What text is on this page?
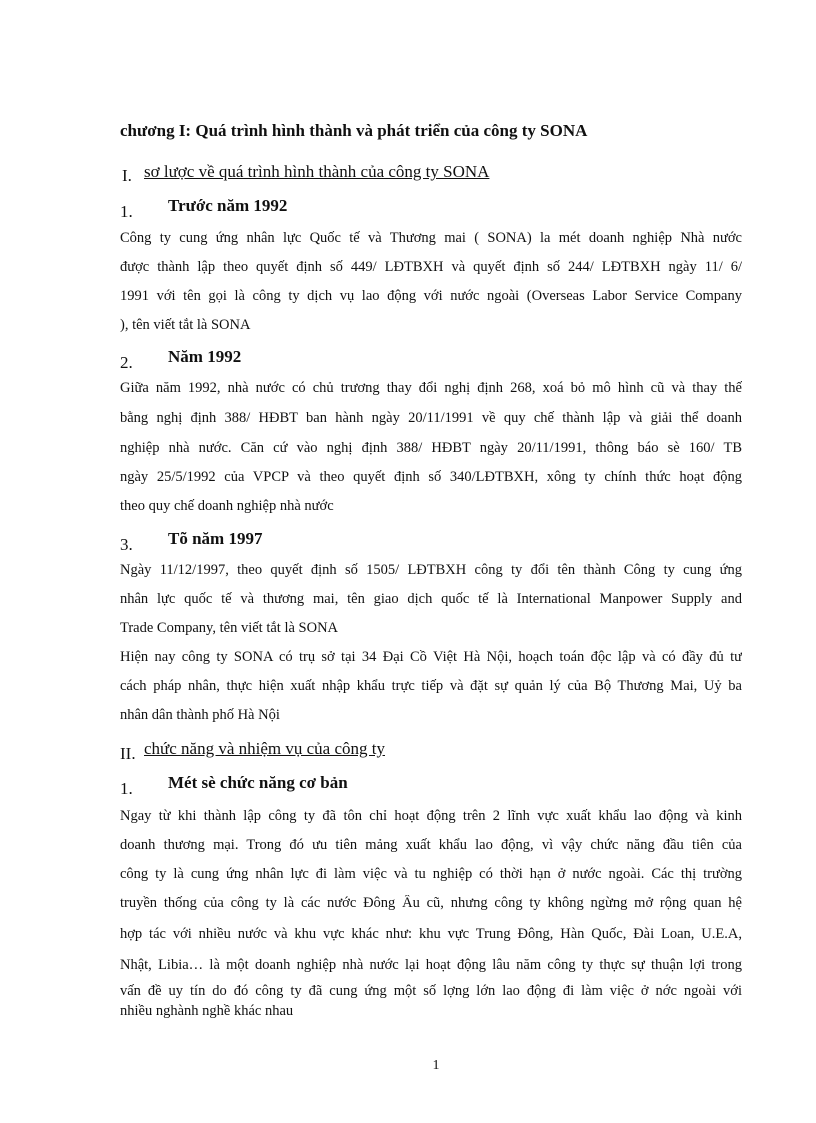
chương I: Quá trình hình thành và phát triển của công ty SONA
I. sơ lược về quá trình hình thành của công ty SONA
1. Trước năm 1992
Công ty cung ứng nhân lực Quốc tế và Thương mai ( SONA) la mét doanh nghiệp Nhà nước
được thành lập theo quyết định số 449/ LĐTBXH và quyết định số 244/ LĐTBXH ngày 11/ 6/
1991 với tên gọi là công ty dịch vụ lao động với nước ngoài (Overseas Labor Service Company
), tên viết tắt là SONA
2. Năm 1992
Giữa năm 1992, nhà nước có chủ trương thay đổi nghị định 268, xoá bỏ mô hình cũ và thay thế
bằng nghị định 388/ HĐBT ban hành ngày 20/11/1991 về quy chế thành lập và giải thể doanh
nghiệp nhà nước. Căn cứ vào nghị định 388/ HĐBT ngày 20/11/1991, thông báo sè 160/ TB
ngày 25/5/1992 của VPCP và theo quyết định số 340/LĐTBXH, xông ty chính thức hoạt động
theo quy chế doanh nghiệp nhà nước
3. Tõ năm 1997
Ngày 11/12/1997, theo quyết định số 1505/ LĐTBXH công ty đổi tên thành Công ty cung ứng
nhân lực quốc tế và thương mai, tên giao dịch quốc tế là International Manpower Supply and
Trade Company, tên viết tắt là SONA
Hiện nay công ty SONA có trụ sở tại 34 Đại Cồ Việt Hà Nội, hoạch toán độc lập và có đầy đủ tư
cách pháp nhân, thực hiện xuất nhập khẩu trực tiếp và đặt sự quản lý của Bộ Thương Mai, Uỷ ba
nhân dân thành phố Hà Nội
II. chức năng và nhiệm vụ của công ty
1. Mét sè chức năng cơ bản
Ngay từ khi thành lập công ty đã tôn chỉ hoạt động trên 2 lĩnh vực xuất khẩu lao động và kinh
doanh thương mại. Trong đó ưu tiên mảng xuất khẩu lao động, vì vậy chức năng đầu tiên của
công ty là cung ứng nhân lực đi làm việc và tu nghiệp có thời hạn ở nước ngoài. Các thị trường
truyền thống của công ty là các nước Đông Âu cũ, nhưng công ty không ngừng mở rộng quan hệ
hợp tác với nhiều nước và khu vực khác như: khu vực Trung Đông, Hàn Quốc, Đài Loan, U.E.A,
Nhật, Libia… là một doanh nghiệp nhà nước lại hoạt động lâu năm công ty thực sự thuận lợi trong
vấn đề uy tín do đó công ty đã cung ứng một số lợng lớn lao động đi làm việc ở nớc ngoài với
nhiều nghành nghề khác nhau
1
